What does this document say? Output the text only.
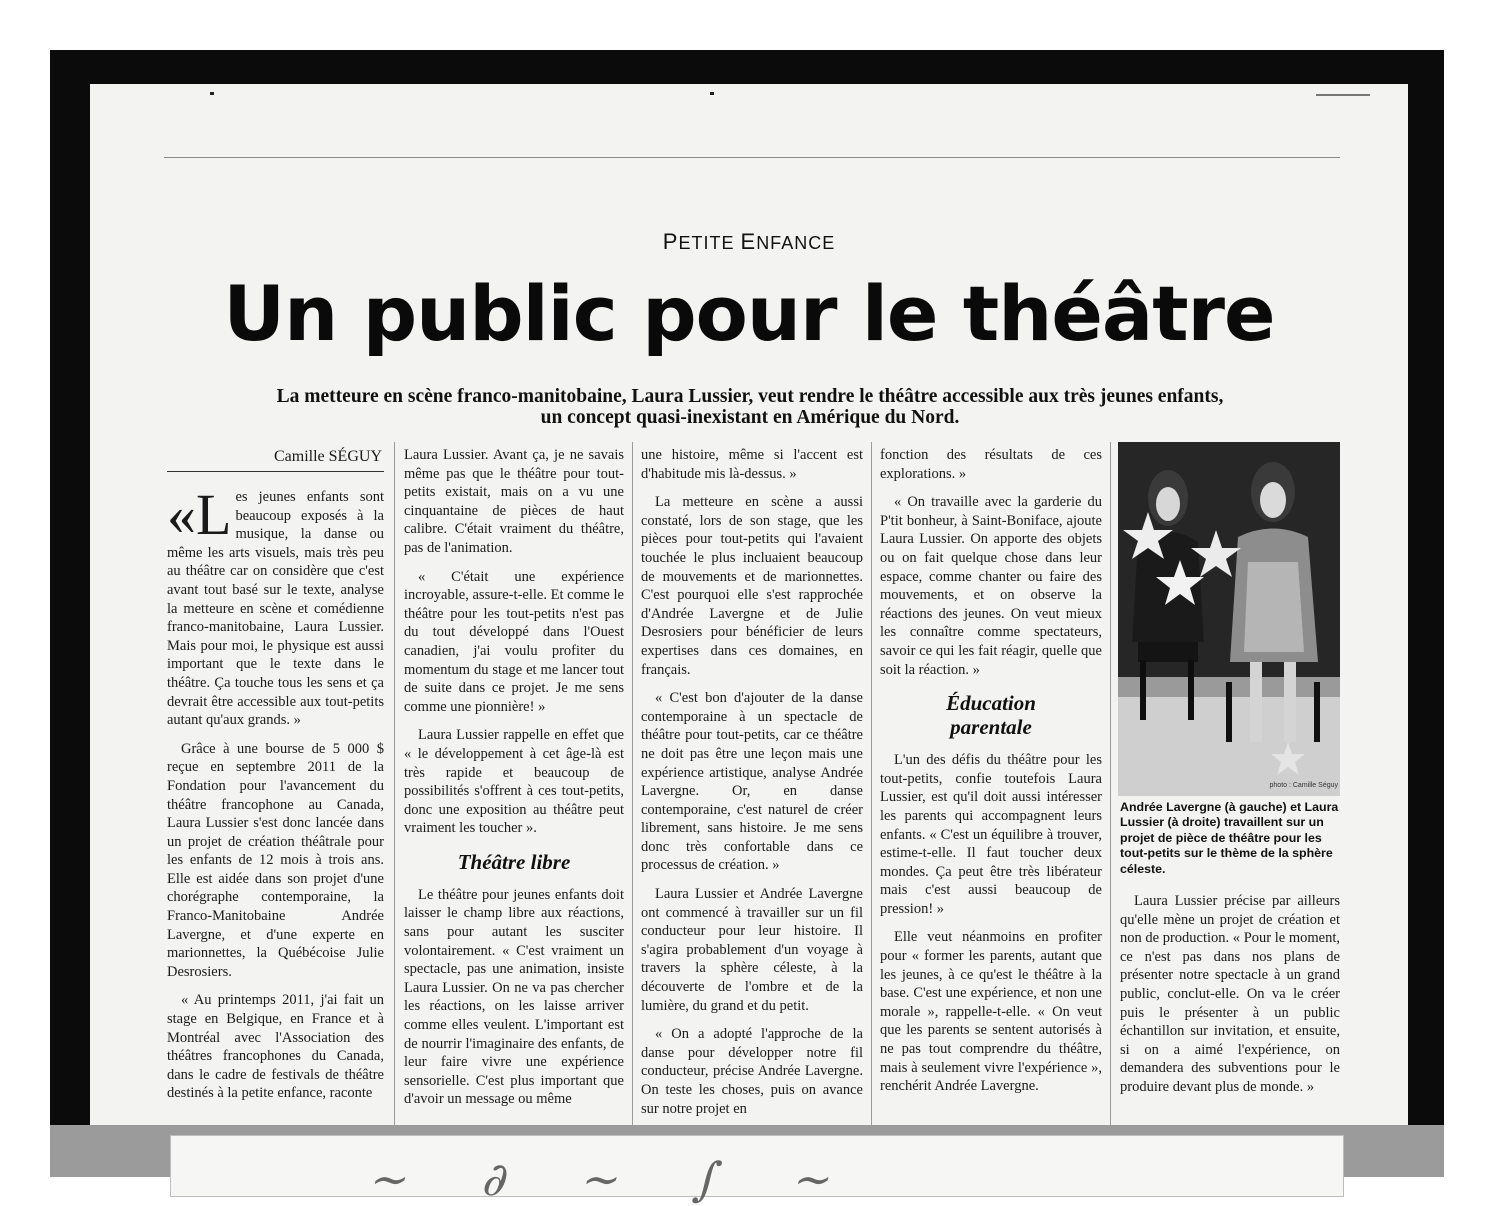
PETITE ENFANCE
Un public pour le théâtre
La metteure en scène franco-manitobaine, Laura Lussier, veut rendre le théâtre accessible aux très jeunes enfants,
un concept quasi-inexistant en Amérique du Nord.
Camille SÉGUY

«Les jeunes enfants sont beaucoup exposés à la musique, la danse ou même les arts visuels, mais très peu au théâtre car on considère que c'est avant tout basé sur le texte, analyse la metteure en scène et comédienne franco-manitobaine, Laura Lussier. Mais pour moi, le physique est aussi important que le texte dans le théâtre. Ça touche tous les sens et ça devrait être accessible aux tout-petits autant qu'aux grands. »

Grâce à une bourse de 5 000 $ reçue en septembre 2011 de la Fondation pour l'avancement du théâtre francophone au Canada, Laura Lussier s'est donc lancée dans un projet de création théâtrale pour les enfants de 12 mois à trois ans. Elle est aidée dans son projet d'une chorégraphe contemporaine, la Franco-Manitobaine Andrée Lavergne, et d'une experte en marionnettes, la Québécoise Julie Desrosiers.

« Au printemps 2011, j'ai fait un stage en Belgique, en France et à Montréal avec l'Association des théâtres francophones du Canada, dans le cadre de festivals de théâtre destinés à la petite enfance, raconte

Laura Lussier. Avant ça, je ne savais même pas que le théâtre pour tout-petits existait, mais on a vu une cinquantaine de pièces de haut calibre. C'était vraiment du théâtre, pas de l'animation.

« C'était une expérience incroyable, assure-t-elle. Et comme le théâtre pour les tout-petits n'est pas du tout développé dans l'Ouest canadien, j'ai voulu profiter du momentum du stage et me lancer tout de suite dans ce projet. Je me sens comme une pionnière! »

Laura Lussier rappelle en effet que « le développement à cet âge-là est très rapide et beaucoup de possibilités s'offrent à ces tout-petits, donc une exposition au théâtre peut vraiment les toucher ».

Théâtre libre

Le théâtre pour jeunes enfants doit laisser le champ libre aux réactions, sans pour autant les susciter volontairement. « C'est vraiment un spectacle, pas une animation, insiste Laura Lussier. On ne va pas chercher les réactions, on les laisse arriver comme elles veulent. L'important est de nourrir l'imaginaire des enfants, de leur faire vivre une expérience sensorielle. C'est plus important que d'avoir un message ou même

une histoire, même si l'accent est d'habitude mis là-dessus. »

La metteure en scène a aussi constaté, lors de son stage, que les pièces pour tout-petits qui l'avaient touchée le plus incluaient beaucoup de mouvements et de marionnettes. C'est pourquoi elle s'est rapprochée d'Andrée Lavergne et de Julie Desrosiers pour bénéficier de leurs expertises dans ces domaines, en français.

« C'est bon d'ajouter de la danse contemporaine à un spectacle de théâtre pour tout-petits, car ce théâtre ne doit pas être une leçon mais une expérience artistique, analyse Andrée Lavergne. Or, en danse contemporaine, c'est naturel de créer librement, sans histoire. Je me sens donc très confortable dans ce processus de création. »

Laura Lussier et Andrée Lavergne ont commencé à travailler sur un fil conducteur pour leur histoire. Il s'agira probablement d'un voyage à travers la sphère céleste, à la découverte de l'ombre et de la lumière, du grand et du petit.

« On a adopté l'approche de la danse pour développer notre fil conducteur, précise Andrée Lavergne. On teste les choses, puis on avance sur notre projet en

fonction des résultats de ces explorations. »

« On travaille avec la garderie du P'tit bonheur, à Saint-Boniface, ajoute Laura Lussier. On apporte des objets ou on fait quelque chose dans leur espace, comme chanter ou faire des mouvements, et on observe la réactions des jeunes. On veut mieux les connaître comme spectateurs, savoir ce qui les fait réagir, quelle que soit la réaction. »

Éducation
parentale

L'un des défis du théâtre pour les tout-petits, confie toutefois Laura Lussier, est qu'il doit aussi intéresser les parents qui accompagnent leurs enfants. « C'est un équilibre à trouver, estime-t-elle. Il faut toucher deux mondes. Ça peut être très libérateur mais c'est aussi beaucoup de pression! »

Elle veut néanmoins en profiter pour « former les parents, autant que les jeunes, à ce qu'est le théâtre à la base. C'est une expérience, et non une morale », rappelle-t-elle. « On veut que les parents se sentent autorisés à ne pas tout comprendre du théâtre, mais à seulement vivre l'expérience », renchérit Andrée Lavergne.

photo : Camille Séguy
Andrée Lavergne (à gauche) et Laura Lussier (à droite) travaillent sur un projet de pièce de théâtre pour les tout-petits sur le thème de la sphère céleste.

Laura Lussier précise par ailleurs qu'elle mène un projet de création et non de production. « Pour le moment, ce n'est pas dans nos plans de présenter notre spectacle à un grand public, conclut-elle. On va le créer puis le présenter à un public échantillon sur invitation, et ensuite, si on a aimé l'expérience, on demandera des subventions pour le produire devant plus de monde. »

~ ∂ ~ ∫ ~
